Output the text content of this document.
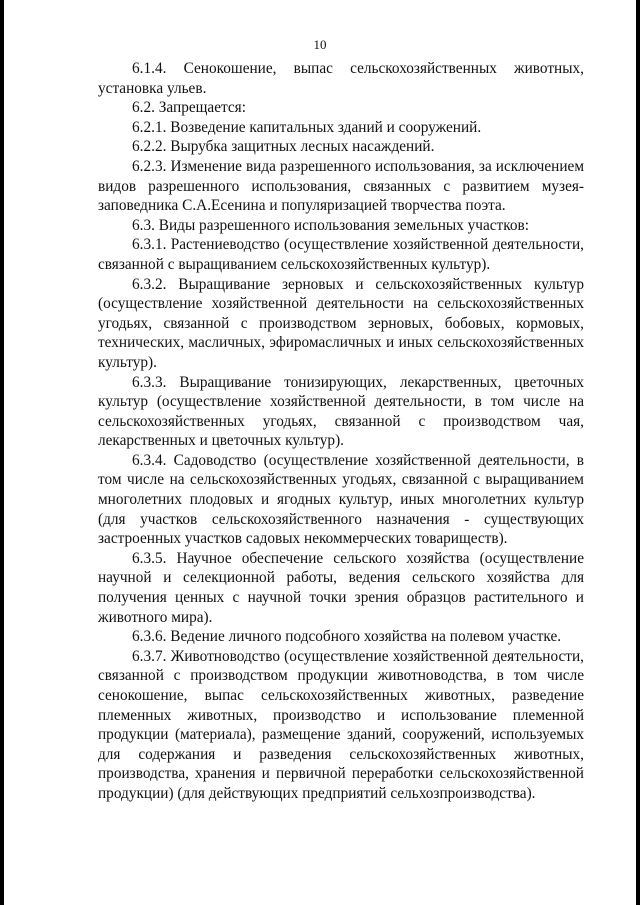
10

6.1.4. Сенокошение, выпас сельскохозяйственных животных, установка ульев.

6.2. Запрещается:

6.2.1. Возведение капитальных зданий и сооружений.

6.2.2. Вырубка защитных лесных насаждений.

6.2.3. Изменение вида разрешенного использования, за исключением видов разрешенного использования, связанных с развитием музея-заповедника С.А.Есенина и популяризацией творчества поэта.

6.3. Виды разрешенного использования земельных участков:

6.3.1. Растениеводство (осуществление хозяйственной деятельности, связанной с выращиванием сельскохозяйственных культур).

6.3.2. Выращивание зерновых и сельскохозяйственных культур (осуществление хозяйственной деятельности на сельскохозяйственных угодьях, связанной с производством зерновых, бобовых, кормовых, технических, масличных, эфиромасличных и иных сельскохозяйственных культур).

6.3.3. Выращивание тонизирующих, лекарственных, цветочных культур (осуществление хозяйственной деятельности, в том числе на сельскохозяйственных угодьях, связанной с производством чая, лекарственных и цветочных культур).

6.3.4. Садоводство (осуществление хозяйственной деятельности, в том числе на сельскохозяйственных угодьях, связанной с выращиванием многолетних плодовых и ягодных культур, иных многолетних культур (для участков сельскохозяйственного назначения - существующих застроенных участков садовых некоммерческих товариществ).

6.3.5. Научное обеспечение сельского хозяйства (осуществление научной и селекционной работы, ведения сельского хозяйства для получения ценных с научной точки зрения образцов растительного и животного мира).

6.3.6. Ведение личного подсобного хозяйства на полевом участке.

6.3.7. Животноводство (осуществление хозяйственной деятельности, связанной с производством продукции животноводства, в том числе сенокошение, выпас сельскохозяйственных животных, разведение племенных животных, производство и использование племенной продукции (материала), размещение зданий, сооружений, используемых для содержания и разведения сельскохозяйственных животных, производства, хранения и первичной переработки сельскохозяйственной продукции) (для действующих предприятий сельхозпроизводства).
